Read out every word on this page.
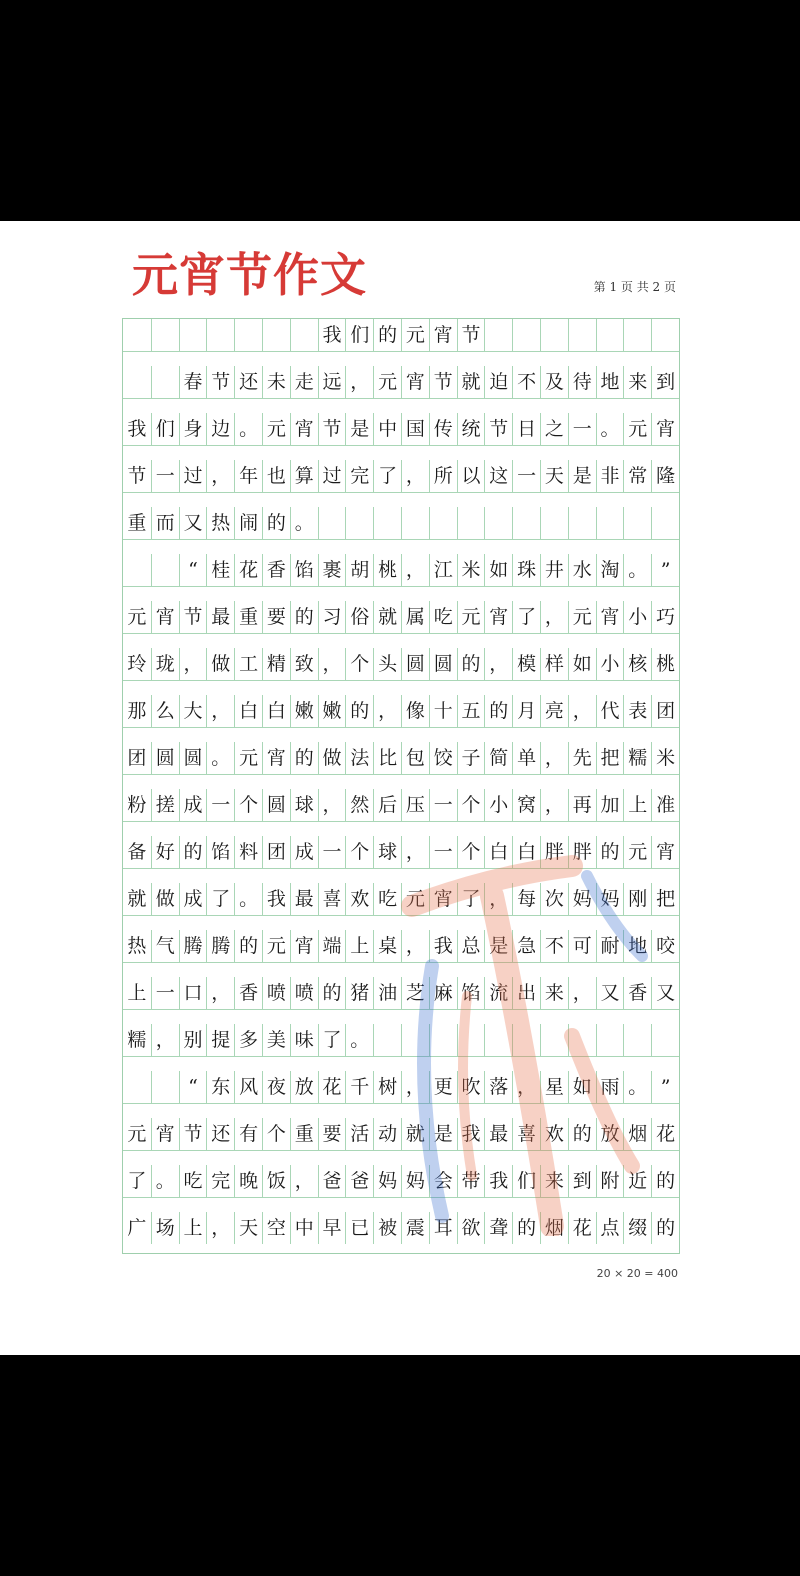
元宵节作文	第 1 页 共 2 页
我 们 的 元 宵 节
春 节 还 未 走 远 ， 元 宵 节 就 迫 不 及 待 地 来 到
我 们 身 边 。 元 宵 节 是 中 国 传 统 节 日 之 一 。 元 宵
节 一 过 ， 年 也 算 过 完 了 ， 所 以 这 一 天 是 非 常 隆
重 而 又 热 闹 的 。
“ 桂 花 香 馅 裹 胡 桃 ， 江 米 如 珠 井 水 淘 。 ”
元 宵 节 最 重 要 的 习 俗 就 属 吃 元 宵 了 ， 元 宵 小 巧
玲 珑 ， 做 工 精 致 ， 个 头 圆 圆 的 ， 模 样 如 小 核 桃
那 么 大 ， 白 白 嫩 嫩 的 ， 像 十 五 的 月 亮 ， 代 表 团
团 圆 圆 。 元 宵 的 做 法 比 包 饺 子 简 单 ， 先 把 糯 米
粉 搓 成 一 个 圆 球 ， 然 后 压 一 个 小 窝 ， 再 加 上 准
备 好 的 馅 料 团 成 一 个 球 ， 一 个 白 白 胖 胖 的 元 宵
就 做 成 了 。 我 最 喜 欢 吃 元 宵 了 ， 每 次 妈 妈 刚 把
热 气 腾 腾 的 元 宵 端 上 桌 ， 我 总 是 急 不 可 耐 地 咬
上 一 口 ， 香 喷 喷 的 猪 油 芝 麻 馅 流 出 来 ， 又 香 又
糯 ， 别 提 多 美 味 了 。
“ 东 风 夜 放 花 千 树 ， 更 吹 落 ， 星 如 雨 。 ”
元 宵 节 还 有 个 重 要 活 动 就 是 我 最 喜 欢 的 放 烟 花
了 。 吃 完 晚 饭 ， 爸 爸 妈 妈 会 带 我 们 来 到 附 近 的
广 场 上 ， 天 空 中 早 已 被 震 耳 欲 聋 的 烟 花 点 缀 的
20 × 20 = 400
